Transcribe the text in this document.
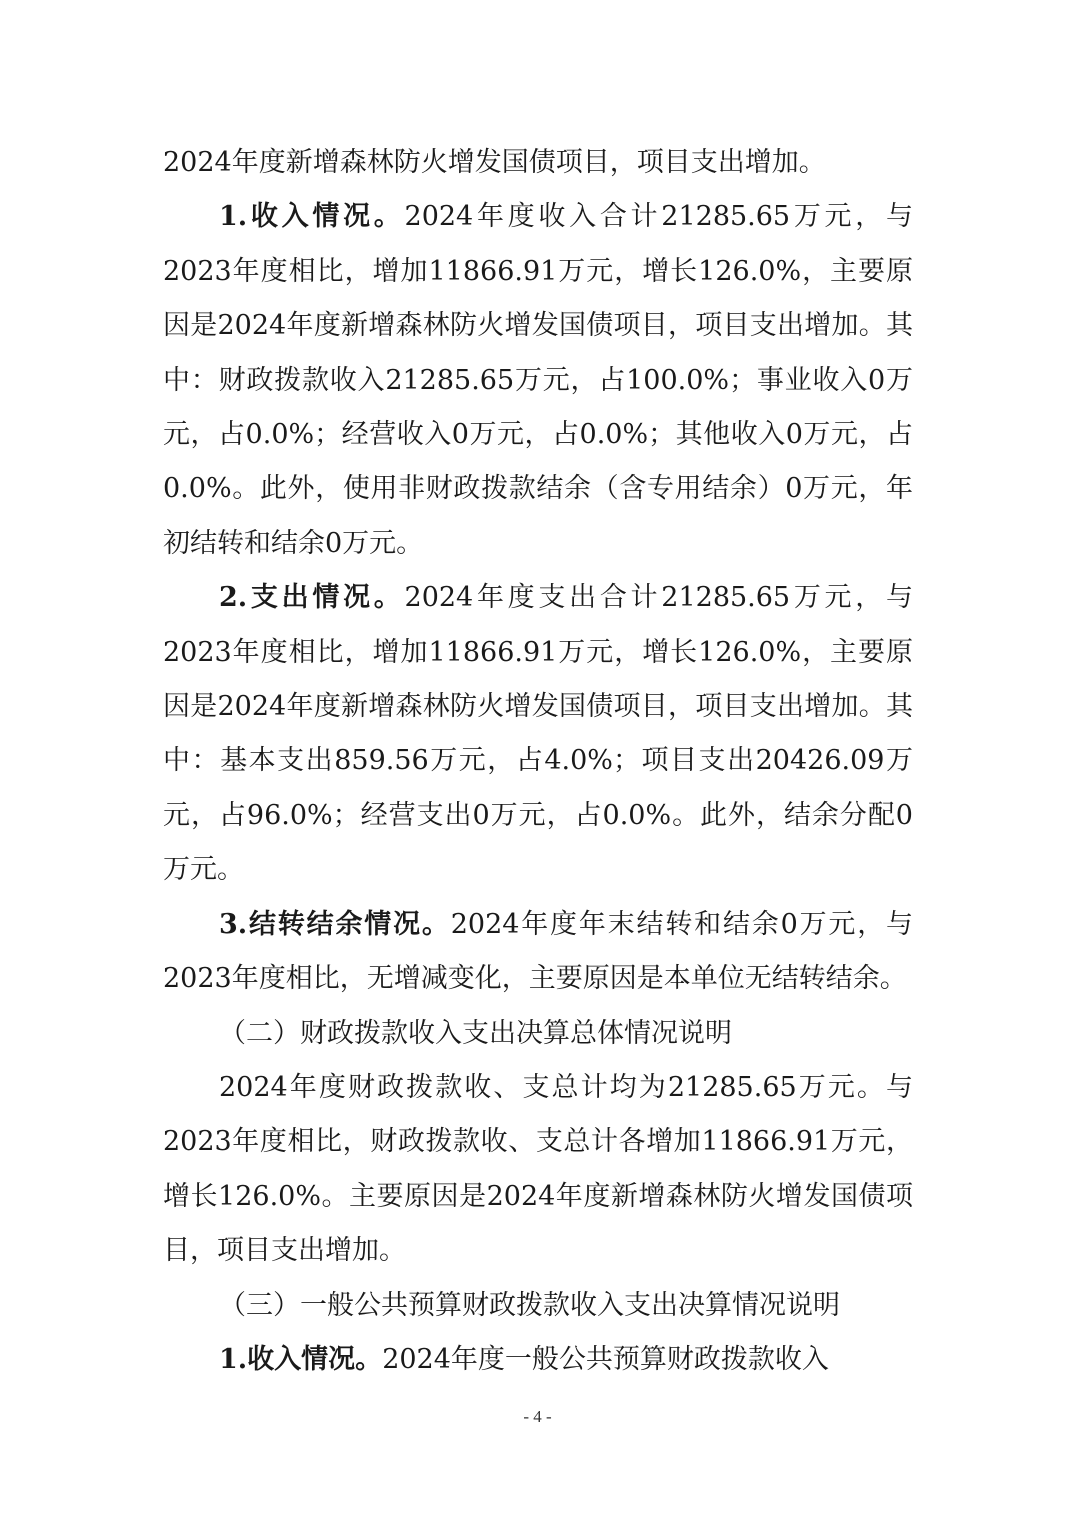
2024年度新增森林防火增发国债项目，项目支出增加。

1.收入情况。2024年度收入合计21285.65万元，与2023年度相比，增加11866.91万元，增长126.0%，主要原因是2024年度新增森林防火增发国债项目，项目支出增加。其中：财政拨款收入21285.65万元，占100.0%；事业收入0万元，占0.0%；经营收入0万元，占0.0%；其他收入0万元，占0.0%。此外，使用非财政拨款结余（含专用结余）0万元，年初结转和结余0万元。

2.支出情况。2024年度支出合计21285.65万元，与2023年度相比，增加11866.91万元，增长126.0%，主要原因是2024年度新增森林防火增发国债项目，项目支出增加。其中：基本支出859.56万元，占4.0%；项目支出20426.09万元，占96.0%；经营支出0万元，占0.0%。此外，结余分配0万元。

3.结转结余情况。2024年度年末结转和结余0万元，与2023年度相比，无增减变化，主要原因是本单位无结转结余。

（二）财政拨款收入支出决算总体情况说明

2024年度财政拨款收、支总计均为21285.65万元。与2023年度相比，财政拨款收、支总计各增加11866.91万元，增长126.0%。主要原因是2024年度新增森林防火增发国债项目，项目支出增加。

（三）一般公共预算财政拨款收入支出决算情况说明

1.收入情况。2024年度一般公共预算财政拨款收入

- 4 -
